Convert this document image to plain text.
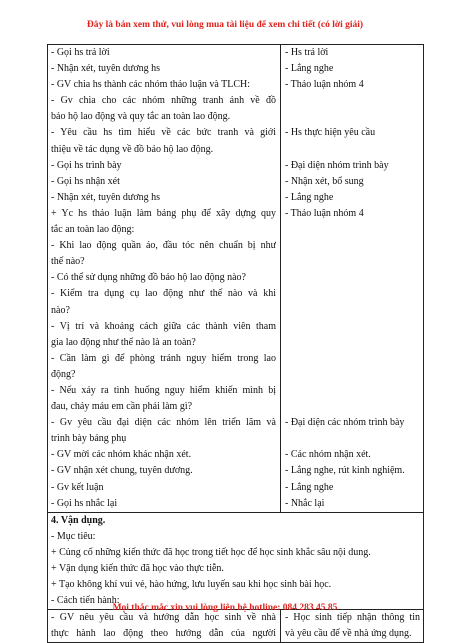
Đây là bản xem thử, vui lòng mua tài liệu để xem chi tiết (có lời giải)
- Gọi hs trả lời
- Nhận xét, tuyên dương hs
- GV chia hs thành các nhóm thảo luận và TLCH:
- Gv chia cho các nhóm những tranh ảnh về đồ
bảo hộ lao động và quy tắc an toàn lao động.
- Yêu cầu hs tìm hiểu về các bức tranh và giới
thiệu về tác dụng về đồ bảo hộ lao động.
- Gọi hs trình bày
- Gọi hs nhận xét
- Nhận xét, tuyên dương hs
+ Yc hs thảo luận làm bảng phụ để xây dựng quy
tắc an toàn lao động:
- Khi lao động quần áo, đầu tóc nên chuẩn bị như
thế nào?
- Có thể sử dụng những đồ bảo hộ lao động nào?
- Kiểm tra dụng cụ lao động như thế nào và khi
nào?
- Vị trí và khoảng cách giữa các thành viên tham
gia lao động như thế nào là an toàn?
- Cần làm gì để phòng tránh nguy hiểm trong lao
động?
- Nếu xảy ra tình huống nguy hiểm khiến mình bị
đau, chảy máu em cần phải làm gì?
- Gv yêu cầu đại diện các nhóm lên triển lãm và
trình bày bảng phụ
- GV mời các nhóm khác nhận xét.
- GV nhận xét chung, tuyên dương.
- Gv kết luận
- Gọi hs nhắc lại
- Hs trả lời
- Lắng nghe
- Thảo luận nhóm 4
- Hs thực hiện yêu cầu
- Đại diện nhóm trình bày
- Nhận xét, bổ sung
- Lắng nghe
- Thảo luận nhóm 4
- Đại diện các nhóm trình bày
- Các nhóm nhận xét.
- Lắng nghe, rút kinh nghiệm.
- Lắng nghe
- Nhắc lại
4. Vận dụng.
- Mục tiêu:
+ Củng cố những kiến thức đã học trong tiết học để học sinh khắc sâu nội dung.
+ Vận dụng kiến thức đã học vào thực tiễn.
+ Tạo không khí vui vẻ, hào hứng, lưu luyến sau khi học sinh bài học.
- Cách tiến hành:
- GV nêu yêu cầu và hướng dẫn học sinh về nhà
thực hành lao động theo hướng dẫn của người
- Học sinh tiếp nhận thông tin
và yêu cầu để về nhà ứng dụng.
Mọi thắc mắc xin vui lòng liên hệ hotline: 084 283 45 85
